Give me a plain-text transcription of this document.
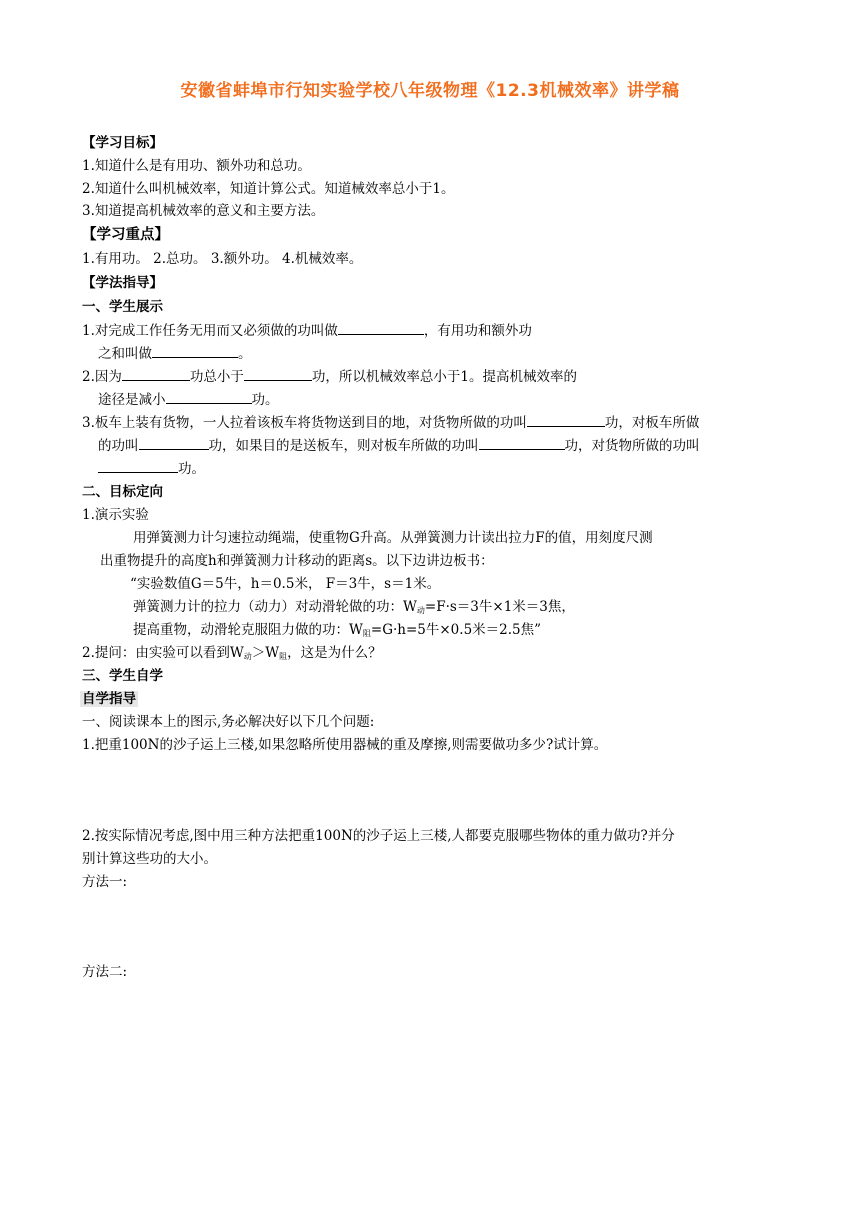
安徽省蚌埠市行知实验学校八年级物理《12.3机械效率》讲学稿
【学习目标】
1.知道什么是有用功、额外功和总功。
2.知道什么叫机械效率，知道计算公式。知道械效率总小于1。
3.知道提高机械效率的意义和主要方法。
【学习重点】
1.有用功。 2.总功。 3.额外功。 4.机械效率。
【学法指导】
一、学生展示
1.对完成工作任务无用而又必须做的功叫做	，有用功和额外功
之和叫做	。
2.因为	功总小于	功，所以机械效率总小于1。提高机械效率的
途径是减小	功。
3.板车上装有货物，一人拉着该板车将货物送到目的地，对货物所做的功叫	功，对板车所做
的功叫	功，如果目的是送板车，则对板车所做的功叫	功，对货物所做的功叫
功。
二、目标定向
1.演示实验
用弹簧测力计匀速拉动绳端，使重物G升高。从弹簧测力计读出拉力F的值，用刻度尺测
出重物提升的高度h和弹簧测力计移动的距离s。以下边讲边板书：
“实验数值G＝5牛，h＝0.5米， F＝3牛，s＝1米。
弹簧测力计的拉力（动力）对动滑轮做的功：$W_动=F\cdot s=3$牛×1米＝3焦，
提高重物，动滑轮克服阻力做的功：$W_阻=G\cdot h=5$牛×0.5米＝2.5焦”
2.提问：由实验可以看到$W_动>W_阻$，这是为什么？
三、学生自学
自学指导
一、阅读课本上的图示,务必解决好以下几个问题:
1.把重100N的沙子运上三楼,如果忽略所使用器械的重及摩擦,则需要做功多少?试计算。
2.按实际情况考虑,图中用三种方法把重100N的沙子运上三楼,人都要克服哪些物体的重力做功?并分
别计算这些功的大小。
方法一:
方法二:
